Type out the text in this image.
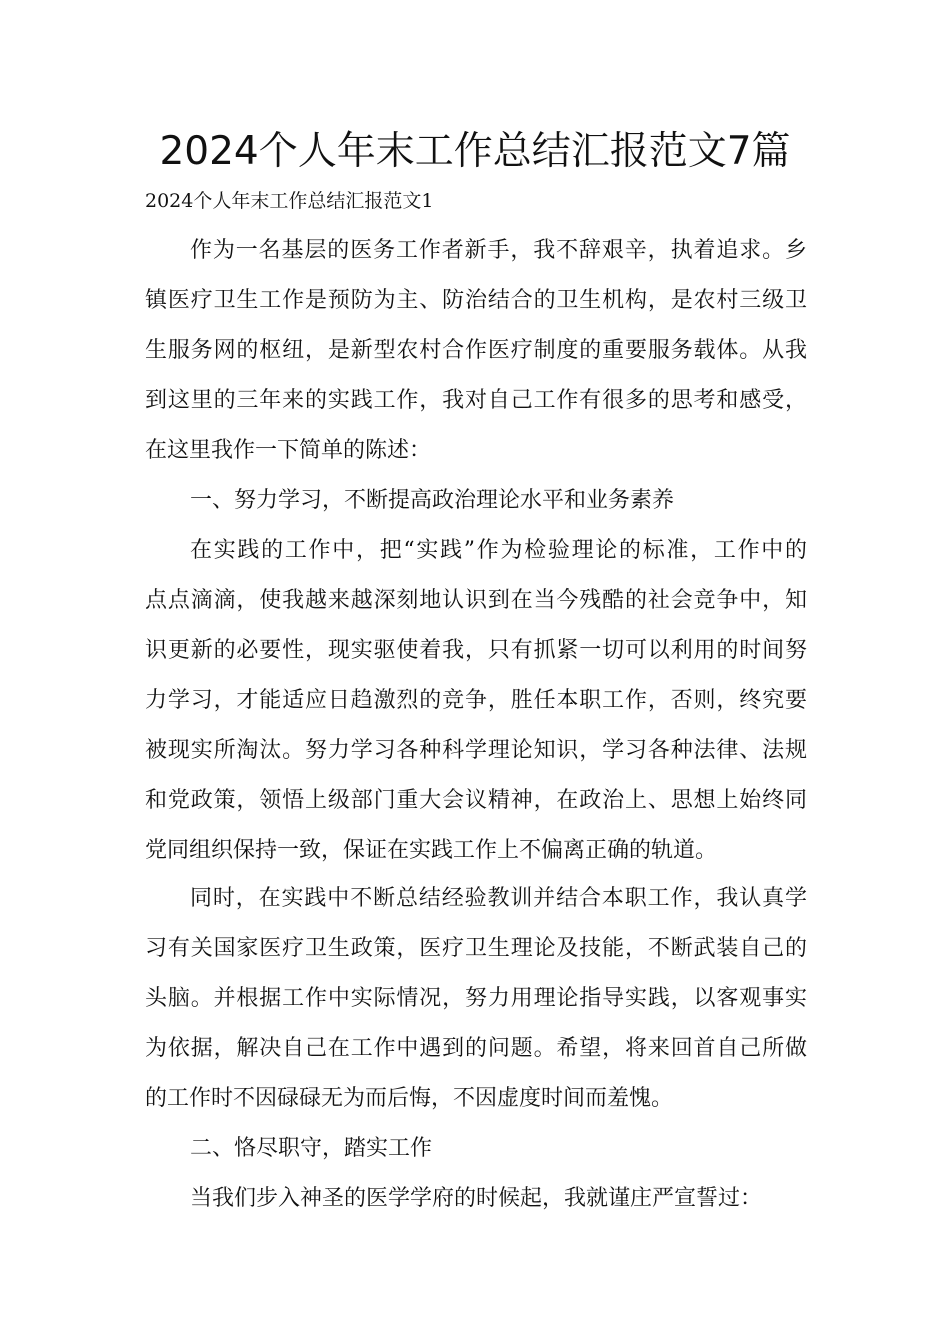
2024个人年末工作总结汇报范文7篇

2024个人年末工作总结汇报范文1

作为一名基层的医务工作者新手，我不辞艰辛，执着追求。乡

镇医疗卫生工作是预防为主、防治结合的卫生机构，是农村三级卫

生服务网的枢纽，是新型农村合作医疗制度的重要服务载体。从我

到这里的三年来的实践工作，我对自己工作有很多的思考和感受，

在这里我作一下简单的陈述：

一、努力学习，不断提高政治理论水平和业务素养

在实践的工作中，把“实践”作为检验理论的标准，工作中的

点点滴滴，使我越来越深刻地认识到在当今残酷的社会竞争中，知

识更新的必要性，现实驱使着我，只有抓紧一切可以利用的时间努

力学习，才能适应日趋激烈的竞争，胜任本职工作，否则，终究要

被现实所淘汰。努力学习各种科学理论知识，学习各种法律、法规

和党政策，领悟上级部门重大会议精神，在政治上、思想上始终同

党同组织保持一致，保证在实践工作上不偏离正确的轨道。

同时，在实践中不断总结经验教训并结合本职工作，我认真学

习有关国家医疗卫生政策，医疗卫生理论及技能，不断武装自己的

头脑。并根据工作中实际情况，努力用理论指导实践，以客观事实

为依据，解决自己在工作中遇到的问题。希望，将来回首自己所做

的工作时不因碌碌无为而后悔，不因虚度时间而羞愧。

二、恪尽职守，踏实工作

当我们步入神圣的医学学府的时候起，我就谨庄严宣誓过：
